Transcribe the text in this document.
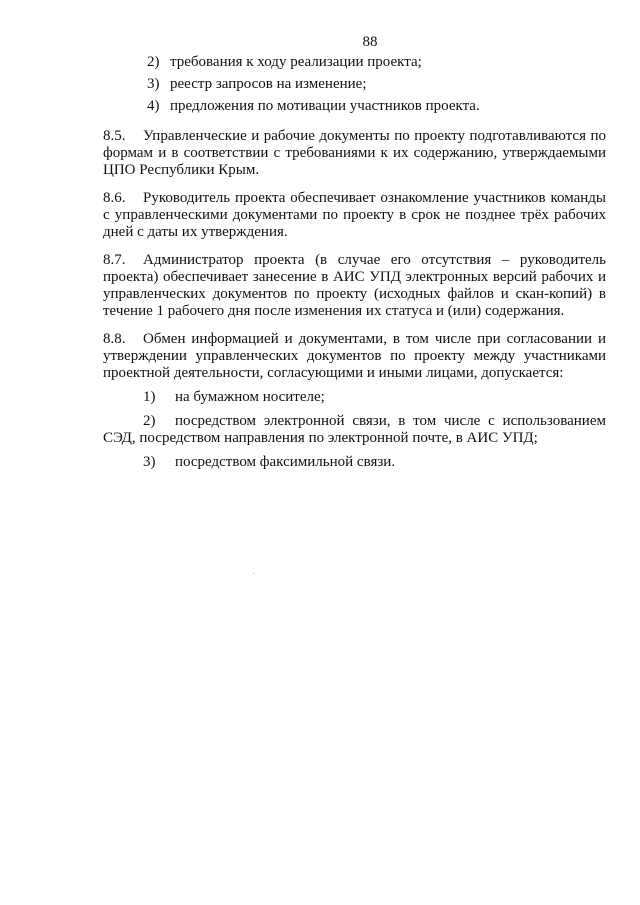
88
2) требования к ходу реализации проекта;
3) реестр запросов на изменение;
4) предложения по мотивации участников проекта.

8.5. Управленческие и рабочие документы по проекту подготавливаются по формам и в соответствии с требованиями к их содержанию, утверждаемыми ЦПО Республики Крым.

8.6. Руководитель проекта обеспечивает ознакомление участников команды с управленческими документами по проекту в срок не позднее трёх рабочих дней с даты их утверждения.

8.7. Администратор проекта (в случае его отсутствия – руководитель проекта) обеспечивает занесение в АИС УПД электронных версий рабочих и управленческих документов по проекту (исходных файлов и скан-копий) в течение 1 рабочего дня после изменения их статуса и (или) содержания.

8.8. Обмен информацией и документами, в том числе при согласовании и утверждении управленческих документов по проекту между участниками проектной деятельности, согласующими и иными лицами, допускается:

1) на бумажном носителе;

2) посредством электронной связи, в том числе с использованием СЭД, посредством направления по электронной почте, в АИС УПД;

3) посредством факсимильной связи.
